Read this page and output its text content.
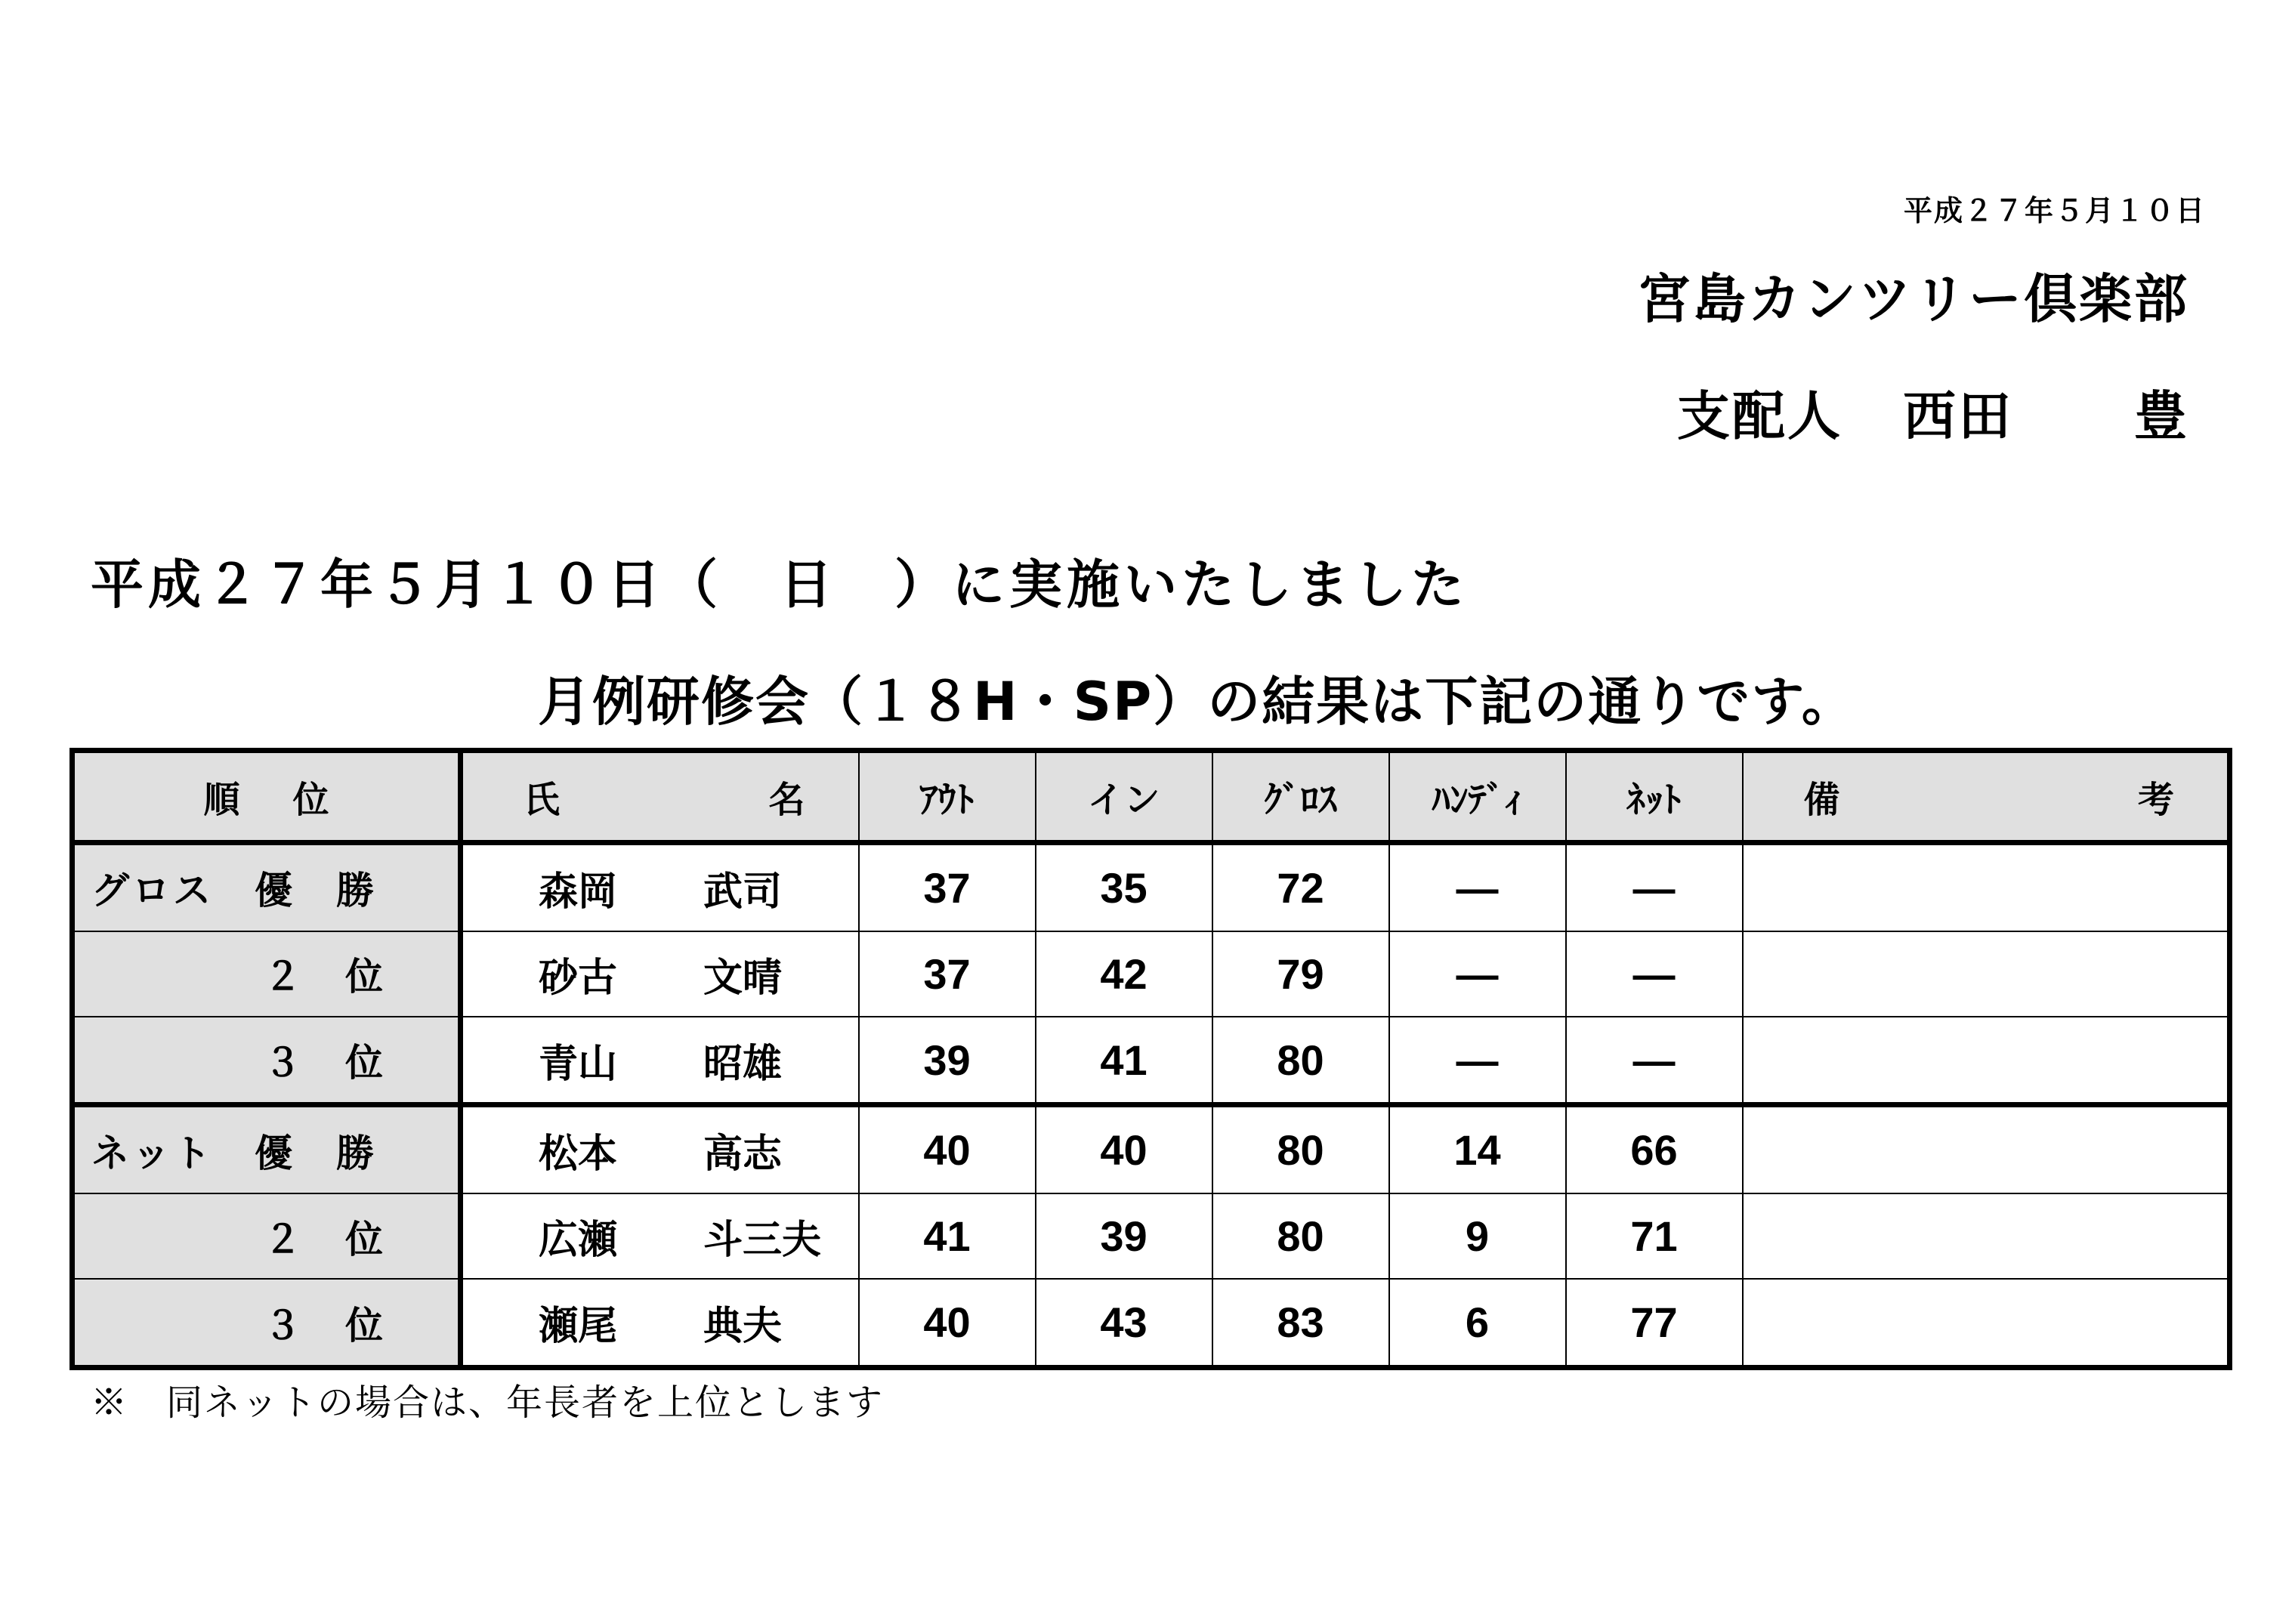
平成２７年５月１０日
宮島カンツリー倶楽部
支配人 西田 豊
平成２７年５月１０日（　日　）に実施いたしました
月例研修会（１８H・SP）の結果は下記の通りです。
順 位	氏 名	ｱｳﾄ	イン	ｸﾞﾛｽ	ﾊﾝﾃﾞｨ	ﾈｯﾄ	備 考

グロス　優　勝	森岡 武司	37	35	72	—	—	
２　位	砂古 文晴	37	42	79	—	—	
３　位	青山 昭雄	39	41	80	—	—	
ネット　優　勝	松本 高志	40	40	80	14	66	
２　位	広瀬 斗三夫	41	39	80	9	71	
３　位	瀬尾 典夫	40	43	83	6	77	
※　同ネットの場合は、年長者を上位とします
